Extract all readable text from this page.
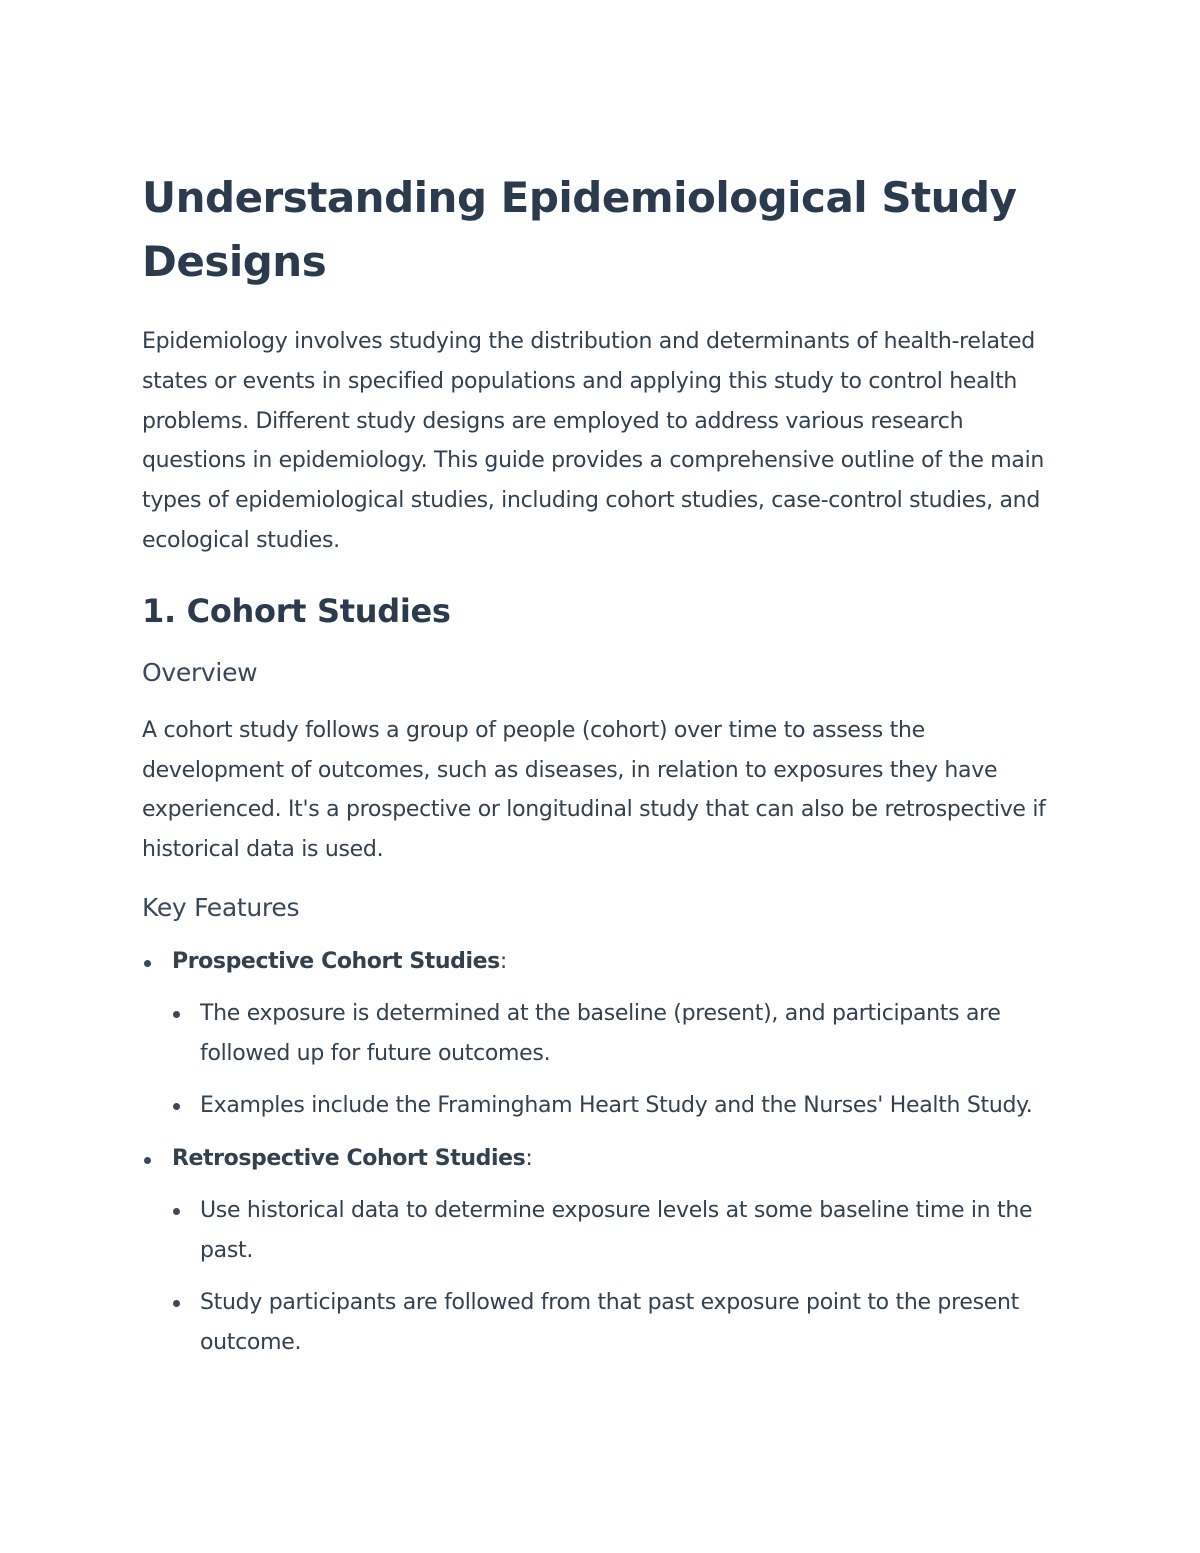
Understanding Epidemiological Study Designs

Epidemiology involves studying the distribution and determinants of health-related states or events in specified populations and applying this study to control health problems. Different study designs are employed to address various research questions in epidemiology. This guide provides a comprehensive outline of the main types of epidemiological studies, including cohort studies, case-control studies, and ecological studies.

1. Cohort Studies
Overview

A cohort study follows a group of people (cohort) over time to assess the development of outcomes, such as diseases, in relation to exposures they have experienced. It's a prospective or longitudinal study that can also be retrospective if historical data is used.

Key Features
Prospective Cohort Studies:
The exposure is determined at the baseline (present), and participants are followed up for future outcomes.
Examples include the Framingham Heart Study and the Nurses' Health Study.
Retrospective Cohort Studies:
Use historical data to determine exposure levels at some baseline time in the past.
Study participants are followed from that past exposure point to the present outcome.
